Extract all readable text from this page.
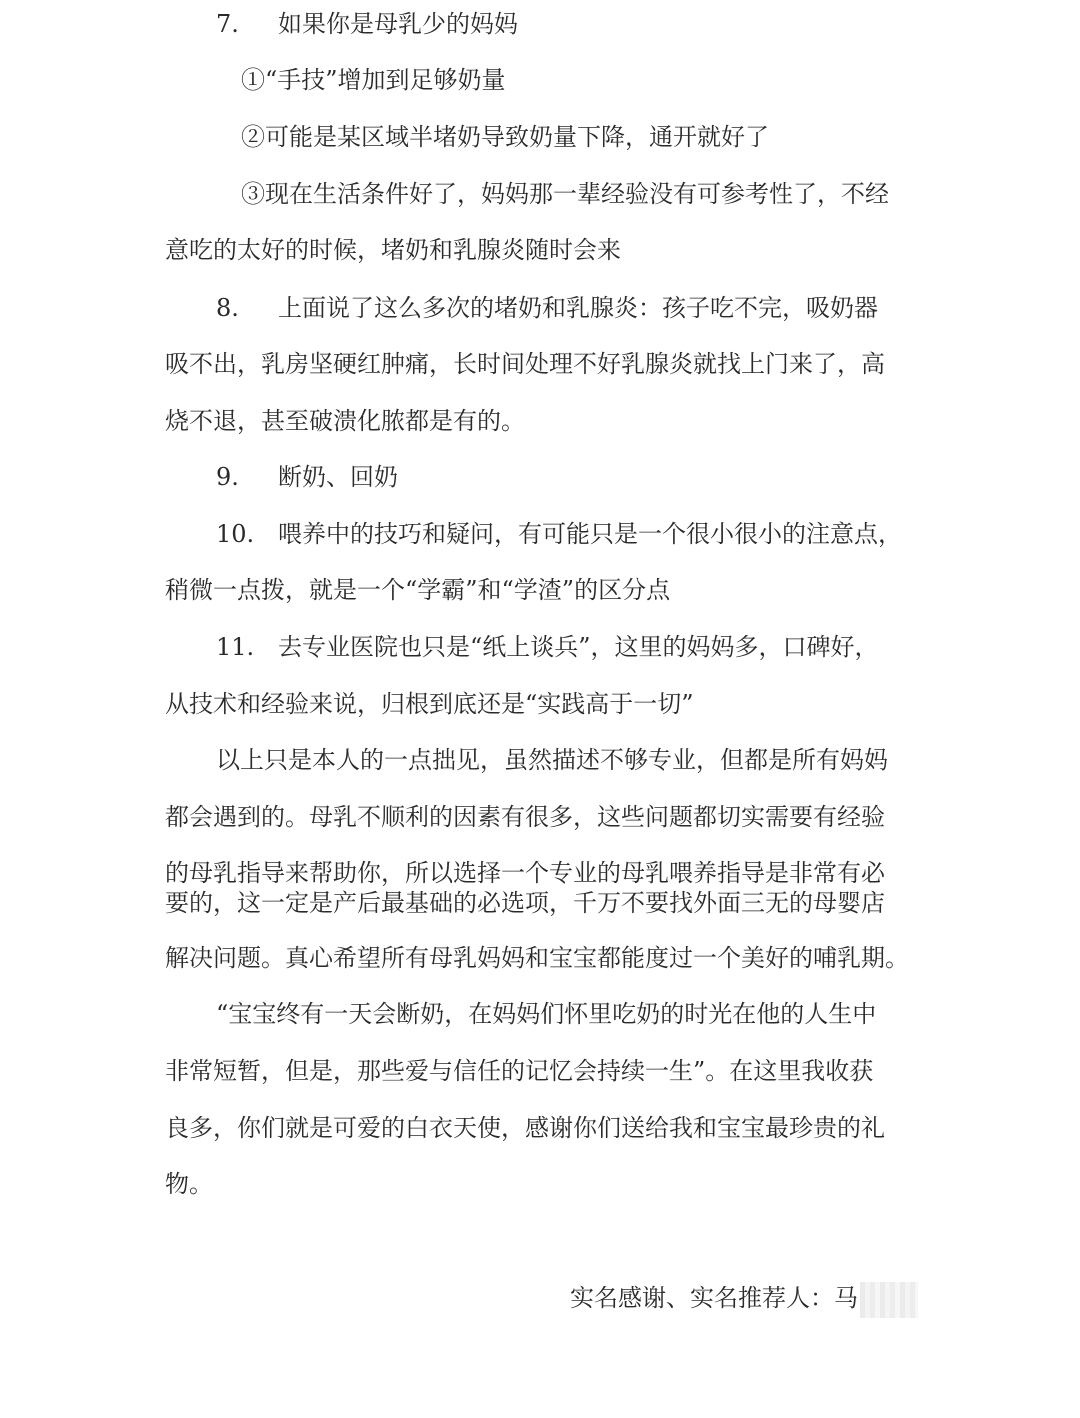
7. 如果你是母乳少的妈妈
①“手技”增加到足够奶量
②可能是某区域半堵奶导致奶量下降，通开就好了
③现在生活条件好了，妈妈那一辈经验没有可参考性了，不经
意吃的太好的时候，堵奶和乳腺炎随时会来
8. 上面说了这么多次的堵奶和乳腺炎：孩子吃不完，吸奶器
吸不出，乳房坚硬红肿痛，长时间处理不好乳腺炎就找上门来了，高
烧不退，甚至破溃化脓都是有的。
9. 断奶、回奶
10. 喂养中的技巧和疑问，有可能只是一个很小很小的注意点，
稍微一点拨，就是一个“学霸”和“学渣”的区分点
11. 去专业医院也只是“纸上谈兵”，这里的妈妈多，口碑好，
从技术和经验来说，归根到底还是“实践高于一切”
以上只是本人的一点拙见，虽然描述不够专业，但都是所有妈妈
都会遇到的。母乳不顺利的因素有很多，这些问题都切实需要有经验
的母乳指导来帮助你，所以选择一个专业的母乳喂养指导是非常有必
要的，这一定是产后最基础的必选项，千万不要找外面三无的母婴店
解决问题。真心希望所有母乳妈妈和宝宝都能度过一个美好的哺乳期。
“宝宝终有一天会断奶，在妈妈们怀里吃奶的时光在他的人生中
非常短暂，但是，那些爱与信任的记忆会持续一生”。在这里我收获
良多，你们就是可爱的白衣天使，感谢你们送给我和宝宝最珍贵的礼
物。
实名感谢、实名推荐人：马
